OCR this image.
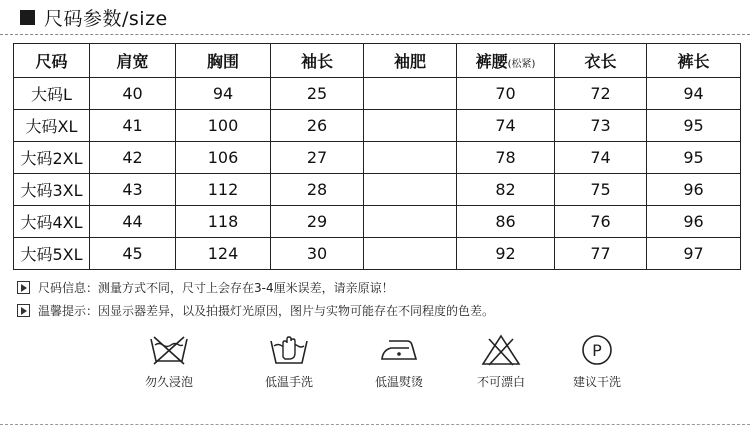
尺码参数/size
尺码	肩宽	胸围	袖长	袖肥	裤腰(松紧)	衣长	裤长
大码L	40	94	25		70	72	94
大码XL	41	100	26		74	73	95
大码2XL	42	106	27		78	74	95
大码3XL	43	112	28		82	75	96
大码4XL	44	118	29		86	76	96
大码5XL	45	124	30		92	77	97
尺码信息：测量方式不同，尺寸上会存在3-4厘米误差，请亲原谅！
温馨提示：因显示器差异，以及拍摄灯光原因，图片与实物可能存在不同程度的色差。
勿久浸泡	低温手洗	低温熨烫	不可漂白
P
建议干洗
